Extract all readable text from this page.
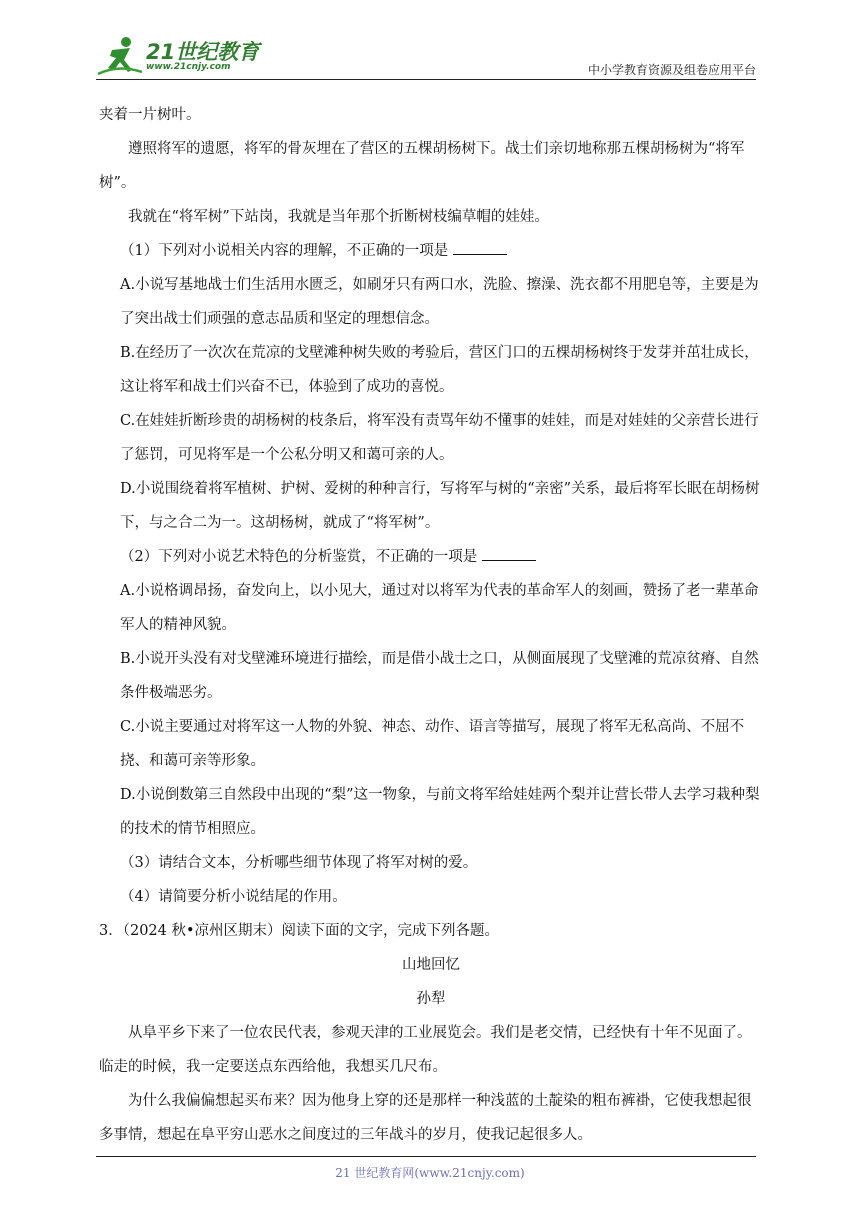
21世纪教育
www.21cnjy.com	中小学教育资源及组卷应用平台

夹着一片树叶。

遵照将军的遗愿，将军的骨灰埋在了营区的五棵胡杨树下。战士们亲切地称那五棵胡杨树为“将军树”。

我就在“将军树”下站岗，我就是当年那个折断树枝编草帽的娃娃。

（1）下列对小说相关内容的理解，不正确的一项是

A.小说写基地战士们生活用水匮乏，如刷牙只有两口水，洗脸、擦澡、洗衣都不用肥皂等，主要是为了突出战士们顽强的意志品质和坚定的理想信念。

B.在经历了一次次在荒凉的戈壁滩种树失败的考验后，营区门口的五棵胡杨树终于发芽并茁壮成长，这让将军和战士们兴奋不已，体验到了成功的喜悦。

C.在娃娃折断珍贵的胡杨树的枝条后，将军没有责骂年幼不懂事的娃娃，而是对娃娃的父亲营长进行了惩罚，可见将军是一个公私分明又和蔼可亲的人。

D.小说围绕着将军植树、护树、爱树的种种言行，写将军与树的“亲密”关系，最后将军长眠在胡杨树下，与之合二为一。这胡杨树，就成了“将军树”。

（2）下列对小说艺术特色的分析鉴赏，不正确的一项是

A.小说格调昂扬，奋发向上，以小见大，通过对以将军为代表的革命军人的刻画，赞扬了老一辈革命军人的精神风貌。

B.小说开头没有对戈壁滩环境进行描绘，而是借小战士之口，从侧面展现了戈壁滩的荒凉贫瘠、自然条件极端恶劣。

C.小说主要通过对将军这一人物的外貌、神态、动作、语言等描写，展现了将军无私高尚、不屈不挠、和蔼可亲等形象。

D.小说倒数第三自然段中出现的“梨”这一物象，与前文将军给娃娃两个梨并让营长带人去学习栽种梨的技术的情节相照应。

（3）请结合文本，分析哪些细节体现了将军对树的爱。

（4）请简要分析小说结尾的作用。

3．（2024 秋•凉州区期末）阅读下面的文字，完成下列各题。

山地回忆

孙犁

从阜平乡下来了一位农民代表，参观天津的工业展览会。我们是老交情，已经快有十年不见面了。临走的时候，我一定要送点东西给他，我想买几尺布。

为什么我偏偏想起买布来？因为他身上穿的还是那样一种浅蓝的土靛染的粗布裤褂，它使我想起很多事情，想起在阜平穷山恶水之间度过的三年战斗的岁月，使我记起很多人。

21 世纪教育网(www.21cnjy.com)
